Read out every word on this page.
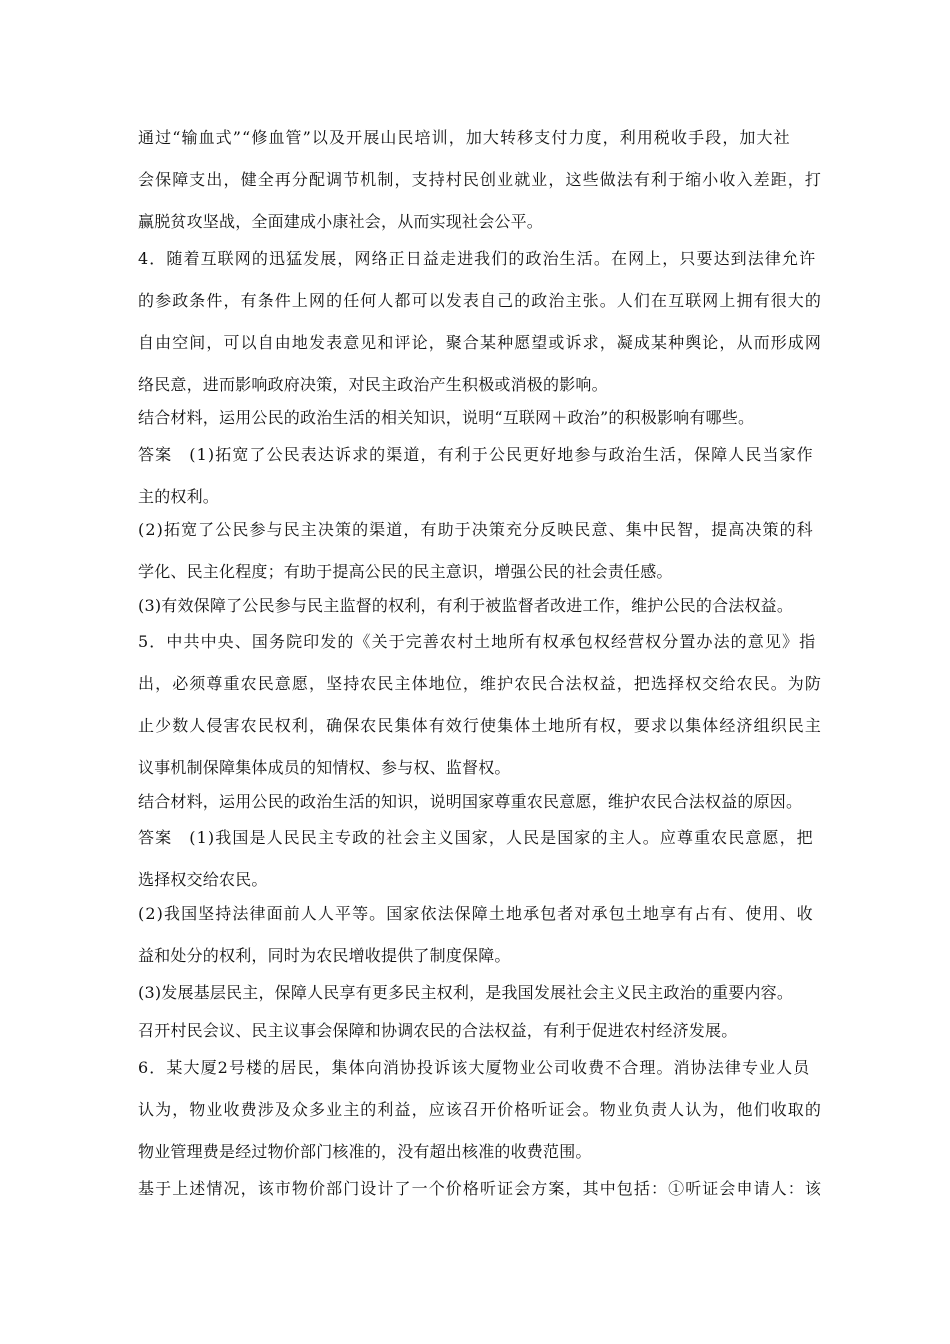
通过“输血式”“修血管”以及开展山民培训，加大转移支付力度，利用税收手段，加大社
会保障支出，健全再分配调节机制，支持村民创业就业，这些做法有利于缩小收入差距，打
赢脱贫攻坚战，全面建成小康社会，从而实现社会公平。
4．随着互联网的迅猛发展，网络正日益走进我们的政治生活。在网上，只要达到法律允许
的参政条件，有条件上网的任何人都可以发表自己的政治主张。人们在互联网上拥有很大的
自由空间，可以自由地发表意见和评论，聚合某种愿望或诉求，凝成某种舆论，从而形成网
络民意，进而影响政府决策，对民主政治产生积极或消极的影响。
结合材料，运用公民的政治生活的相关知识，说明“互联网＋政治”的积极影响有哪些。
答案　(1)拓宽了公民表达诉求的渠道，有利于公民更好地参与政治生活，保障人民当家作
主的权利。
(2)拓宽了公民参与民主决策的渠道，有助于决策充分反映民意、集中民智，提高决策的科
学化、民主化程度；有助于提高公民的民主意识，增强公民的社会责任感。
(3)有效保障了公民参与民主监督的权利，有利于被监督者改进工作，维护公民的合法权益。
5．中共中央、国务院印发的《关于完善农村土地所有权承包权经营权分置办法的意见》指
出，必须尊重农民意愿，坚持农民主体地位，维护农民合法权益，把选择权交给农民。为防
止少数人侵害农民权利，确保农民集体有效行使集体土地所有权，要求以集体经济组织民主
议事机制保障集体成员的知情权、参与权、监督权。
结合材料，运用公民的政治生活的知识，说明国家尊重农民意愿，维护农民合法权益的原因。
答案　(1)我国是人民民主专政的社会主义国家，人民是国家的主人。应尊重农民意愿，把
选择权交给农民。
(2)我国坚持法律面前人人平等。国家依法保障土地承包者对承包土地享有占有、使用、收
益和处分的权利，同时为农民增收提供了制度保障。
(3)发展基层民主，保障人民享有更多民主权利，是我国发展社会主义民主政治的重要内容。
召开村民会议、民主议事会保障和协调农民的合法权益，有利于促进农村经济发展。
6．某大厦2号楼的居民，集体向消协投诉该大厦物业公司收费不合理。消协法律专业人员
认为，物业收费涉及众多业主的利益，应该召开价格听证会。物业负责人认为，他们收取的
物业管理费是经过物价部门核准的，没有超出核准的收费范围。
基于上述情况，该市物价部门设计了一个价格听证会方案，其中包括：①听证会申请人：该
